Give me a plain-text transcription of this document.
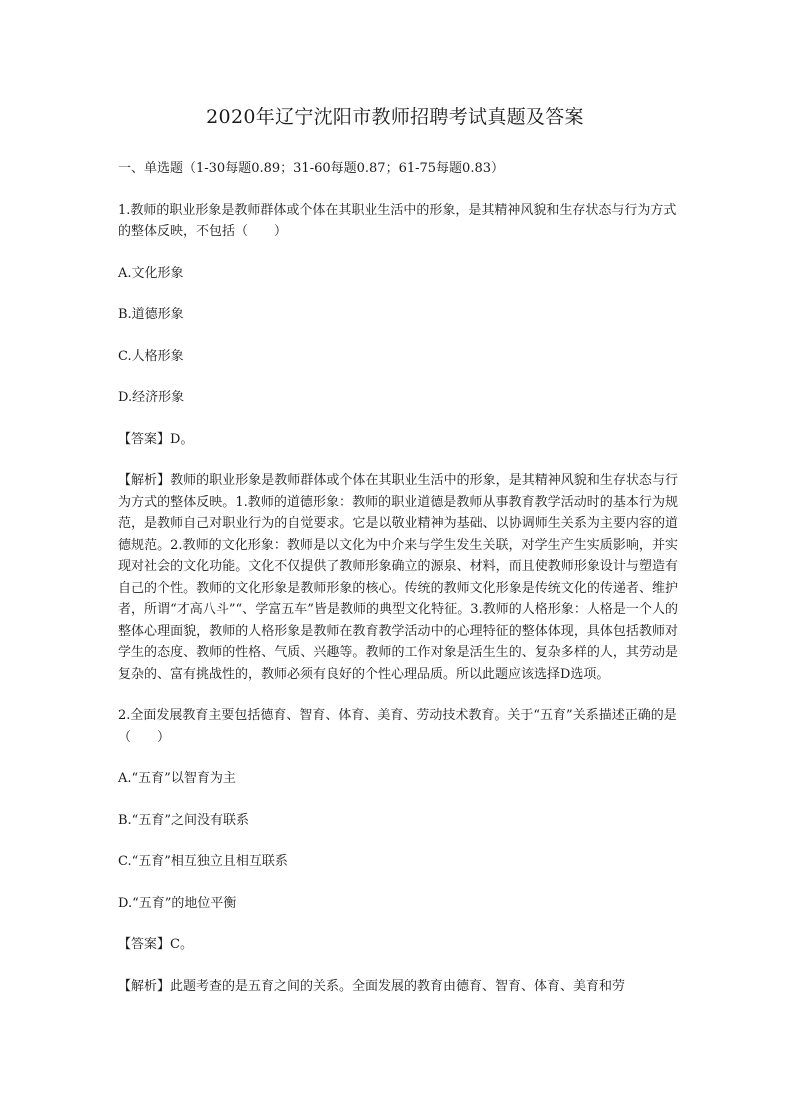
2020年辽宁沈阳市教师招聘考试真题及答案

一、单选题（1-30每题0.89；31-60每题0.87；61-75每题0.83）

1.教师的职业形象是教师群体或个体在其职业生活中的形象，是其精神风貌和生存状态与行为方式的整体反映，不包括（　　）

A.文化形象

B.道德形象

C.人格形象

D.经济形象

【答案】D。

【解析】教师的职业形象是教师群体或个体在其职业生活中的形象，是其精神风貌和生存状态与行为方式的整体反映。1.教师的道德形象：教师的职业道德是教师从事教育教学活动时的基本行为规范，是教师自己对职业行为的自觉要求。它是以敬业精神为基础、以协调师生关系为主要内容的道德规范。2.教师的文化形象：教师是以文化为中介来与学生发生关联，对学生产生实质影响，并实现对社会的文化功能。文化不仅提供了教师形象确立的源泉、材料，而且使教师形象设计与塑造有自己的个性。教师的文化形象是教师形象的核心。传统的教师文化形象是传统文化的传递者、维护者，所谓“才高八斗”“、学富五车”皆是教师的典型文化特征。3.教师的人格形象：人格是一个人的整体心理面貌，教师的人格形象是教师在教育教学活动中的心理特征的整体体现，具体包括教师对学生的态度、教师的性格、气质、兴趣等。教师的工作对象是活生生的、复杂多样的人，其劳动是复杂的、富有挑战性的，教师必须有良好的个性心理品质。所以此题应该选择D选项。

2.全面发展教育主要包括德育、智育、体育、美育、劳动技术教育。关于“五育”关系描述正确的是（　　）

A.“五育”以智育为主

B.“五育”之间没有联系

C.“五育”相互独立且相互联系

D.“五育”的地位平衡

【答案】C。

【解析】此题考查的是五育之间的关系。全面发展的教育由德育、智育、体育、美育和劳
